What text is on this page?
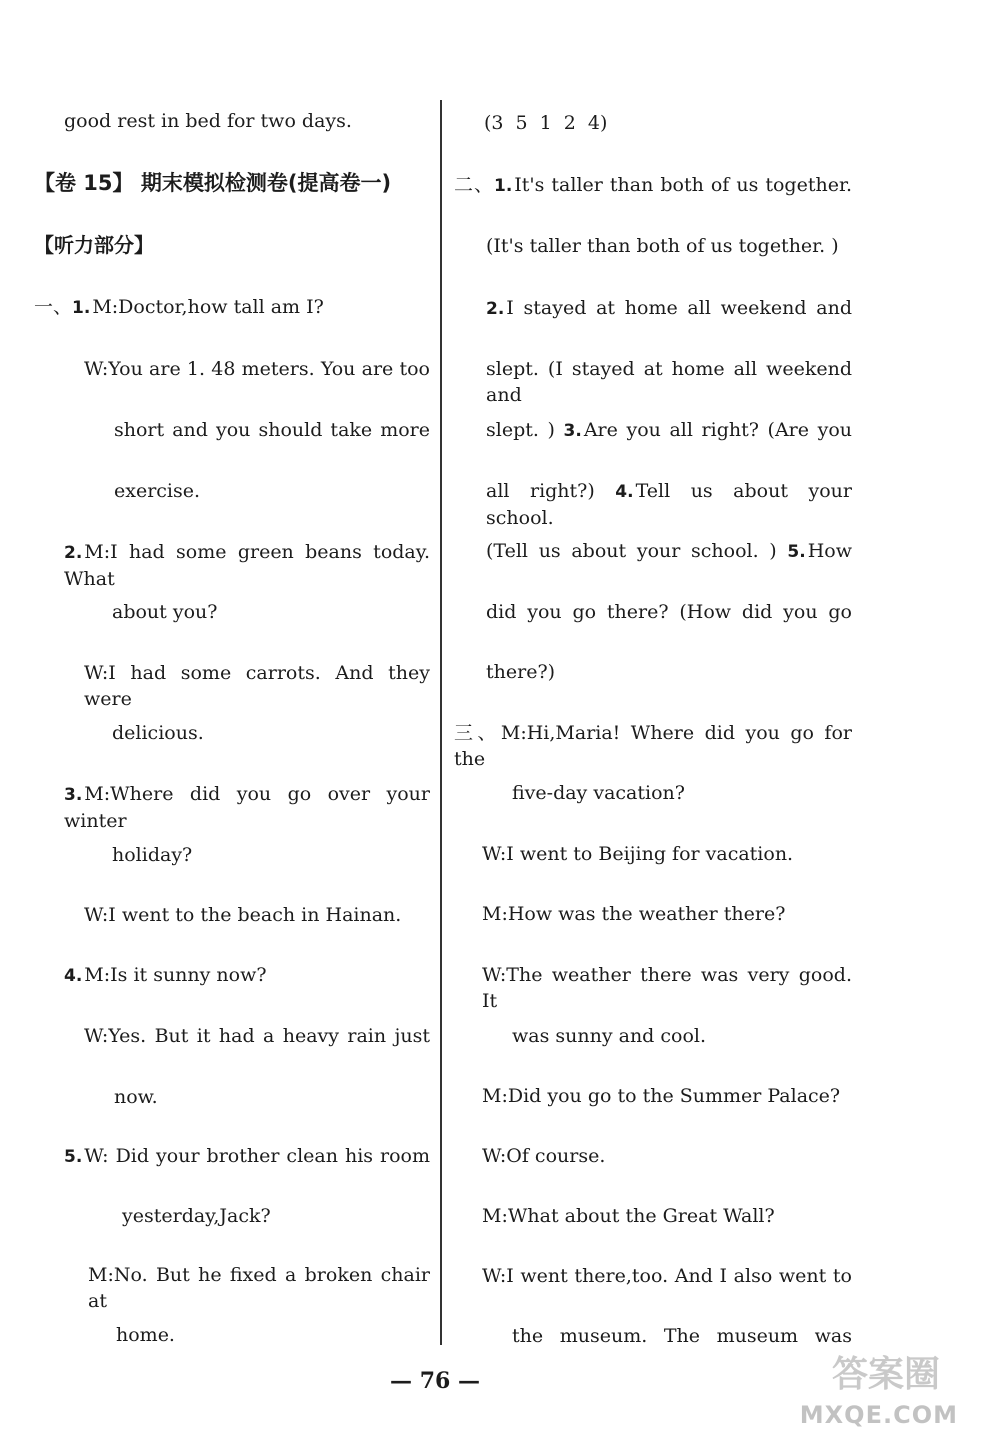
good rest in bed for two days.
【卷 15】 期末模拟检测卷(提高卷一)
【听力部分】
一、1. M:Doctor,how tall am I?
W:You are 1. 48 meters. You are too
short and you should take more
exercise.
2. M:I had some green beans today. What
about you?
W:I had some carrots. And they were
delicious.
3. M:Where did you go over your winter
holiday?
W:I went to the beach in Hainan.
4. M:Is it sunny now?
W:Yes. But it had a heavy rain just
now.
5. W: Did your brother clean his room
yesterday,Jack?
M:No. But he fixed a broken chair at
home.
(3 5 1 2 4)
二、1. It's taller than both of us together.
(It's taller than both of us together. )
2. I stayed at home all weekend and
slept. (I stayed at home all weekend and
slept. ) 3. Are you all right? (Are you
all right?) 4. Tell us about your school.
(Tell us about your school. ) 5. How
did you go there? (How did you go
there?)
三、M:Hi,Maria! Where did you go for the
five-day vacation?
W:I went to Beijing for vacation.
M:How was the weather there?
W:The weather there was very good. It
was sunny and cool.
M:Did you go to the Summer Palace?
W:Of course.
M:What about the Great Wall?
W:I went there,too. And I also went to
the museum. The museum was
— 76 —	答案圈
MXQE.COM
